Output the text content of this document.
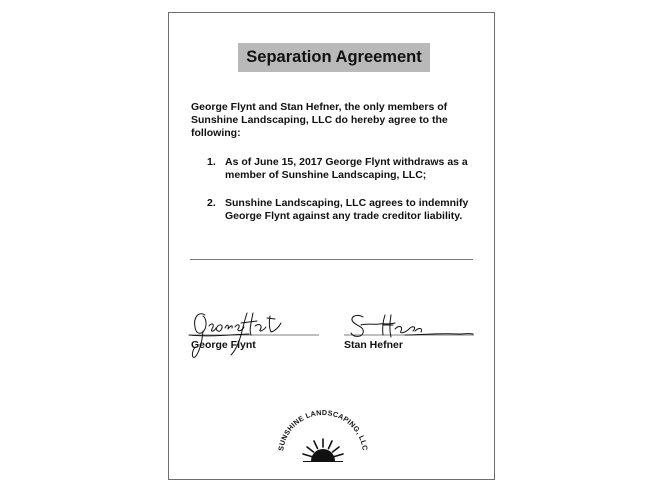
Separation Agreement
George Flynt and Stan Hefner, the only members of Sunshine Landscaping, LLC do hereby agree to the following:
1. As of June 15, 2017 George Flynt withdraws as a member of Sunshine Landscaping, LLC;
2. Sunshine Landscaping, LLC agrees to indemnify George Flynt against any trade creditor liability.
George Flynt	Stan Hefner
SUNSHINE LANDSCAPING, LLC
